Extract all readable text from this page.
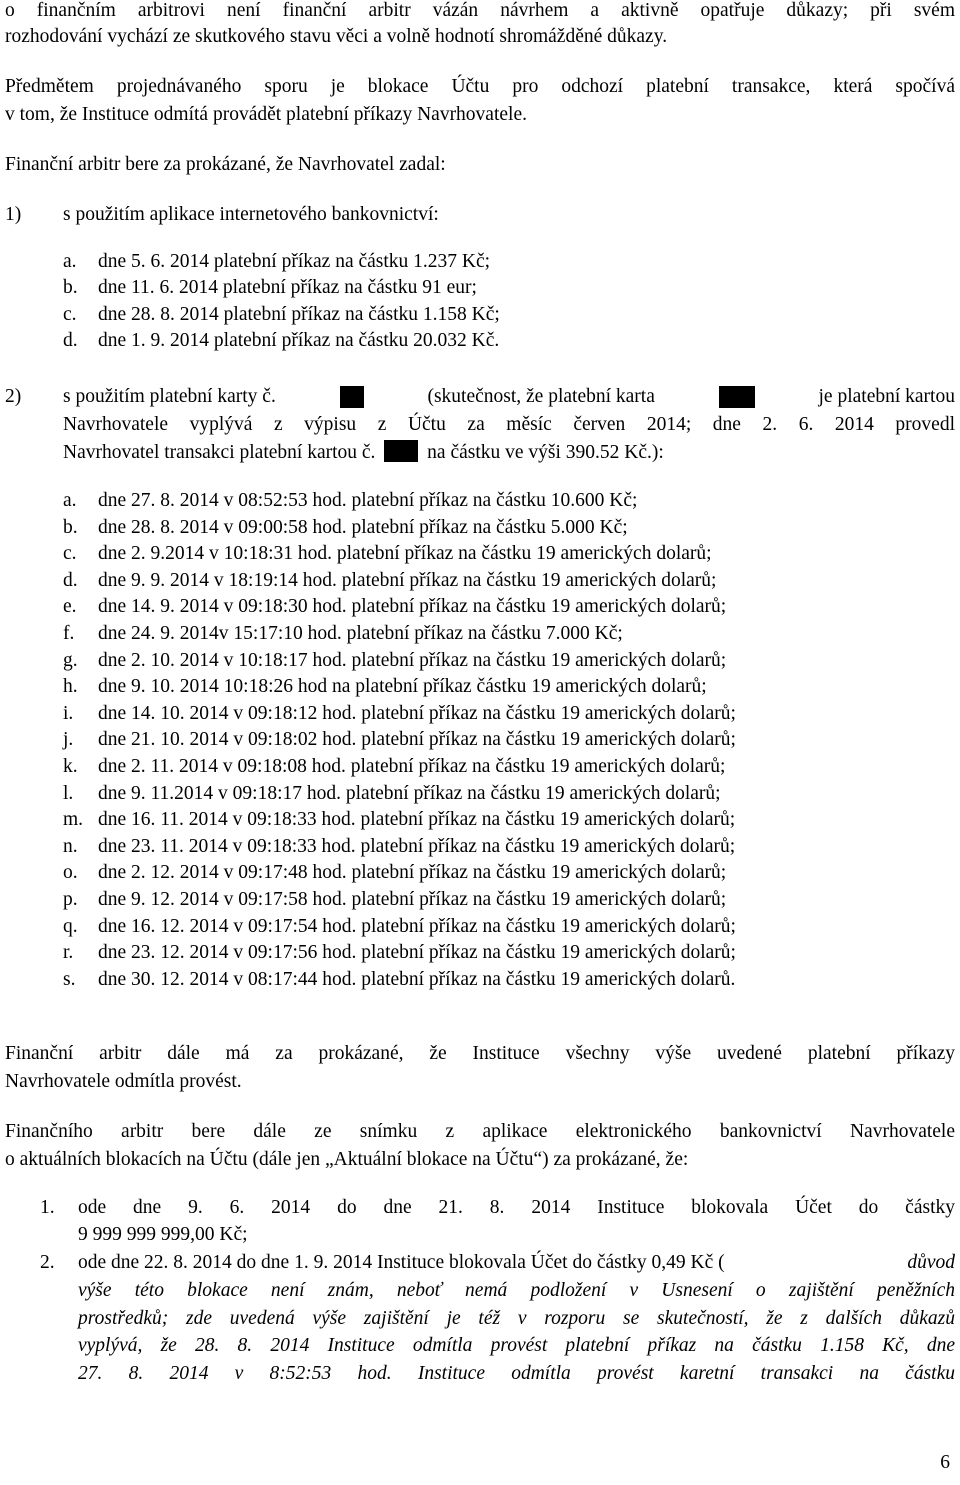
o finančním arbitrovi není finanční arbitr vázán návrhem a aktivně opatřuje důkazy; při svém
rozhodování vychází ze skutkového stavu věci a volně hodnotí shromážděné důkazy.
Předmětem projednávaného sporu je blokace Účtu pro odchozí platební transakce, která spočívá
v tom, že Instituce odmítá provádět platební příkazy Navrhovatele.
Finanční arbitr bere za prokázané, že Navrhovatel zadal:
1) s použitím aplikace internetového bankovnictví:
a. dne 5. 6. 2014 platební příkaz na částku 1.237 Kč;
b. dne 11. 6. 2014 platební příkaz na částku 91 eur;
c. dne 28. 8. 2014 platební příkaz na částku 1.158 Kč;
d. dne 1. 9. 2014 platební příkaz na částku 20.032 Kč.
2) s použitím platební karty č.	(skutečnost, že platební karta	je platební kartou
Navrhovatele vyplývá z výpisu z Účtu za měsíc červen 2014; dne 2. 6. 2014 provedl
Navrhovatel transakci platební kartou č.	na částku ve výši 390.52 Kč.):
a. dne 27. 8. 2014 v 08:52:53 hod. platební příkaz na částku 10.600 Kč;
b. dne 28. 8. 2014 v 09:00:58 hod. platební příkaz na částku 5.000 Kč;
c. dne 2. 9.2014 v 10:18:31 hod. platební příkaz na částku 19 amerických dolarů;
d. dne 9. 9. 2014 v 18:19:14 hod. platební příkaz na částku 19 amerických dolarů;
e. dne 14. 9. 2014 v 09:18:30 hod. platební příkaz na částku 19 amerických dolarů;
f. dne 24. 9. 2014v 15:17:10 hod. platební příkaz na částku 7.000 Kč;
g. dne 2. 10. 2014 v 10:18:17 hod. platební příkaz na částku 19 amerických dolarů;
h. dne 9. 10. 2014 10:18:26 hod na platební příkaz částku 19 amerických dolarů;
i. dne 14. 10. 2014 v 09:18:12 hod. platební příkaz na částku 19 amerických dolarů;
j. dne 21. 10. 2014 v 09:18:02 hod. platební příkaz na částku 19 amerických dolarů;
k. dne 2. 11. 2014 v 09:18:08 hod. platební příkaz na částku 19 amerických dolarů;
l. dne 9. 11.2014 v 09:18:17 hod. platební příkaz na částku 19 amerických dolarů;
m. dne 16. 11. 2014 v 09:18:33 hod. platební příkaz na částku 19 amerických dolarů;
n. dne 23. 11. 2014 v 09:18:33 hod. platební příkaz na částku 19 amerických dolarů;
o. dne 2. 12. 2014 v 09:17:48 hod. platební příkaz na částku 19 amerických dolarů;
p. dne 9. 12. 2014 v 09:17:58 hod. platební příkaz na částku 19 amerických dolarů;
q. dne 16. 12. 2014 v 09:17:54 hod. platební příkaz na částku 19 amerických dolarů;
r. dne 23. 12. 2014 v 09:17:56 hod. platební příkaz na částku 19 amerických dolarů;
s. dne 30. 12. 2014 v 08:17:44 hod. platební příkaz na částku 19 amerických dolarů.
Finanční arbitr dále má za prokázané, že Instituce všechny výše uvedené platební příkazy
Navrhovatele odmítla provést.
Finančního arbitr bere dále ze snímku z aplikace elektronického bankovnictví Navrhovatele
o aktuálních blokacích na Účtu (dále jen „Aktuální blokace na Účtu“) za prokázané, že:
1. ode dne 9. 6. 2014 do dne 21. 8. 2014 Instituce blokovala Účet do částky
9 999 999 999,00 Kč;
2. ode dne 22. 8. 2014 do dne 1. 9. 2014 Instituce blokovala Účet do částky 0,49 Kč (	důvod
výše této blokace není znám, neboť nemá podložení v Usnesení o zajištění peněžních
prostředků; zde uvedená výše zajištění je též v rozporu se skutečností, že z dalších důkazů
vyplývá, že 28. 8. 2014 Instituce odmítla provést platební příkaz na částku 1.158 Kč, dne
27. 8. 2014 v 8:52:53 hod. Instituce odmítla provést karetní transakci na částku
6
